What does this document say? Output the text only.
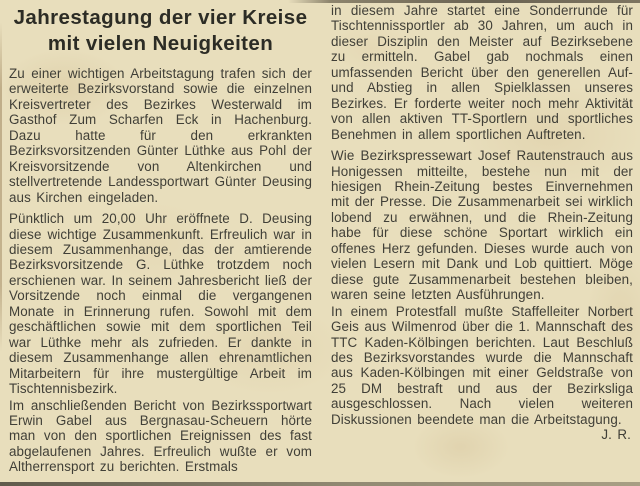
Jahrestagung der vier Kreise
mit vielen Neuigkeiten

Zu einer wichtigen Arbeitstagung trafen sich der erweiterte Bezirksvorstand sowie die einzelnen Kreisvertreter des Bezirkes Westerwald im Gasthof Zum Scharfen Eck in Hachenburg. Dazu hatte für den erkrankten Bezirksvorsitzenden Günter Lüthke aus Pohl der Kreisvorsitzende von Altenkirchen und stellvertretende Landessportwart Günter Deusing aus Kirchen eingeladen.

Pünktlich um 20,00 Uhr eröffnete D. Deusing diese wichtige Zusammenkunft. Erfreulich war in diesem Zusammenhange, das der amtierende Bezirksvorsitzende G. Lüthke trotzdem noch erschienen war. In seinem Jahresbericht ließ der Vorsitzende noch einmal die vergangenen Monate in Erinnerung rufen. Sowohl mit dem geschäftlichen sowie mit dem sportlichen Teil war Lüthke mehr als zufrieden. Er dankte in diesem Zusammenhange allen ehrenamtlichen Mitarbeitern für ihre mustergültige Arbeit im Tischtennisbezirk.

Im anschließenden Bericht von Bezirkssportwart Erwin Gabel aus Bergnasau-Scheuern hörte man von den sportlichen Ereignissen des fast abgelaufenen Jahres. Erfreulich wußte er vom Altherrensport zu berichten. Erstmals

in diesem Jahre startet eine Sonderrunde für Tischtennissportler ab 30 Jahren, um auch in dieser Disziplin den Meister auf Bezirksebene zu ermitteln. Gabel gab nochmals einen umfassenden Bericht über den generellen Auf- und Abstieg in allen Spielklassen unseres Bezirkes. Er forderte weiter noch mehr Aktivität von allen aktiven TT-Sportlern und sportliches Benehmen in allem sportlichen Auftreten.

Wie Bezirkspressewart Josef Rautenstrauch aus Honigessen mitteilte, bestehe nun mit der hiesigen Rhein-Zeitung bestes Einvernehmen mit der Presse. Die Zusammenarbeit sei wirklich lobend zu erwähnen, und die Rhein-Zeitung habe für diese schöne Sportart wirklich ein offenes Herz gefunden. Dieses wurde auch von vielen Lesern mit Dank und Lob quittiert. Möge diese gute Zusammenarbeit bestehen bleiben, waren seine letzten Ausführungen.

In einem Protestfall mußte Staffelleiter Norbert Geis aus Wilmenrod über die 1. Mannschaft des TTC Kaden-Kölbingen berichten. Laut Beschluß des Bezirksvorstandes wurde die Mannschaft aus Kaden-Kölbingen mit einer Geldstraße von 25 DM bestraft und aus der Bezirksliga ausgeschlossen. Nach vielen weiteren Diskussionen beendete man die Arbeitstagung.
J. R.
